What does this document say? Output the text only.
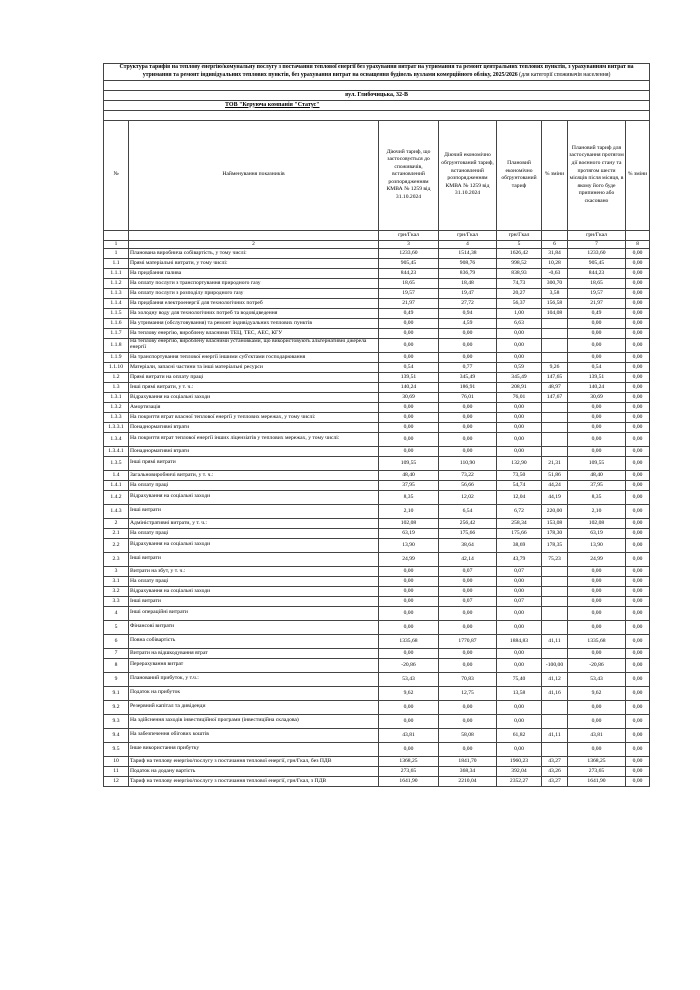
Структура тарифів на теплову енергію/комунальну послугу з постачання теплової енергії без урахування витрат на утримання та ремонт центральних теплових пунктів, з урахуванням витрат на утримання та ремонт індивідуальних теплових пунктів, без урахування витрат на оснащення будівель вузлами комерційного обліку, 2025/2026 (для категорії споживачів населення)							

вул. Глибочицька, 32-В							
ТОВ "Керуюча компанія "Статус"							

№	Найменування показників	Діючий тариф, що застосовується до споживачів, встановлений розпорядженням КМВА № 1259 від 31.10.2024	Діючий економічно обґрунтований тариф, встановлений розпорядженням КМВА № 1259 від 31.10.2024	Плановий економічно обґрунтований тариф	% зміни	Плановий тариф для застосування протягом дії воєнного стану та протягом шести місяців після місяця, в якому його буде припинено або скасовано	% зміни
		грн/Гкал	грн/Гкал	грн/Гкал		грн/Гкал	
1	2	3	4	5	6	7	8
1	Планована виробнича собівартість, у тому числі:	1233,60	1514,38	1626,42	31,84	1233,60	0,00
1.1	Прямі матеріальні витрати, у тому числі:	905,45	908,76	998,52	10,28	905,45	0,00
1.1.1	На придбання палива	844,23	836,79	838,93	-0,63	844,23	0,00
1.1.2	На оплату послуги з транспортування природного газу	18,65	18,48	74,73	300,70	18,65	0,00
1.1.3	На оплату послуги з розподілу природного газу	19,57	19,47	20,27	3,58	19,57	0,00
1.1.4	На придбання електроенергії для технологічних потреб	21,97	27,72	56,37	156,58	21,97	0,00
1.1.5	На холодну воду для технологічних потреб та водовідведення	0,49	0,94	1,00	104,08	0,49	0,00
1.1.6	На утримання (обслуговування) та ремонт індивідуальних теплових пунктів	0,00	4,59	6,63		0,00	0,00
1.1.7	На теплову енергію, вироблену власними ТЕЦ, ТЕС, АЕС, КГУ	0,00	0,00	0,00		0,00	0,00
1.1.8	На теплову енергію, вироблену власними установками, що використовують альтернативні джерела енергії	0,00	0,00	0,00		0,00	0,00
1.1.9	На транспортування теплової енергії іншими суб'єктами господарювання	0,00	0,00	0,00		0,00	0,00
1.1.10	Матеріали, запасні частини та інші матеріальні ресурси	0,54	0,77	0,59	9,26	0,54	0,00
1.2	Прямі витрати на оплату праці	139,51	345,49	345,49	147,65	139,51	0,00
1.3	Інші прямі витрати, у т. ч.:	140,24	186,91	208,91	48,97	140,24	0,00
1.3.1	Відрахування на соціальні заходи	30,69	76,01	76,01	147,67	30,69	0,00
1.3.2	Амортизація	0,00	0,00	0,00		0,00	0,00
1.3.3	На покриття втрат власної теплової енергії у теплових мережах, у тому числі:	0,00	0,00	0,00		0,00	0,00
1.3.3.1	Понаднормативні втрати	0,00	0,00	0,00		0,00	0,00
1.3.4	На покриття втрат теплової енергії інших ліцензіатів у теплових мережах, у тому числі:	0,00	0,00	0,00		0,00	0,00
1.3.4.1	Понаднормативні втрати	0,00	0,00	0,00		0,00	0,00
1.3.5	Інші прямі витрати	109,55	110,90	132,90	21,31	109,55	0,00
1.4	Загальновиробничі витрати, у т. ч.:	48,40	73,22	73,50	51,86	48,40	0,00
1.4.1	На оплату праці	37,95	56,66	54,74	44,24	37,95	0,00
1.4.2	Відрахування на соціальні заходи	8,35	12,02	12,04	44,19	8,35	0,00
1.4.3	Інші витрати	2,10	6,54	6,72	220,00	2,10	0,00
2	Адміністративні витрати, у т. ч.:	102,08	256,42	258,34	153,08	102,08	0,00
2.1	На оплату праці	63,19	175,66	175,66	178,30	63,19	0,00
2.2	Відрахування на соціальні заходи	13,90	38,64	38,69	178,35	13,90	0,00
2.3	Інші витрати	24,99	42,14	43,79	75,23	24,99	0,00
3	Витрати на збут, у т. ч.:	0,00	0,07	0,07		0,00	0,00
3.1	На оплату праці	0,00	0,00	0,00		0,00	0,00
3.2	Відрахування на соціальні заходи	0,00	0,00	0,00		0,00	0,00
3.3	Інші витрати	0,00	0,07	0,07		0,00	0,00
4	Інші операційні витрати	0,00	0,00	0,00		0,00	0,00
5	Фінансові витрати	0,00	0,00	0,00		0,00	0,00
6	Повна собівартість	1335,68	1770,87	1884,83	41,11	1335,68	0,00
7	Витрати на відшкодування втрат	0,00	0,00	0,00		0,00	0,00
8	Перерахування витрат	-20,86	0,00	0,00	-100,00	-20,86	0,00
9	Планований прибуток, у т.ч.:	53,43	70,83	75,40	41,12	53,43	0,00
9.1	Податок на прибуток	9,62	12,75	13,58	41,16	9,62	0,00
9.2	Резервний капітал та дивіденди	0,00	0,00	0,00		0,00	0,00
9.3	На здійснення заходів інвестиційної програми (інвестиційна складова)	0,00	0,00	0,00		0,00	0,00
9.4	На забезпечення обігових коштів	43,81	58,08	61,82	41,11	43,81	0,00
9.5	Інше використання прибутку	0,00	0,00	0,00		0,00	0,00
10	Тариф на теплову енергію/послугу з постачання теплової енергії, грн/Гкал, без ПДВ	1368,25	1841,70	1960,23	43,27	1368,25	0,00
11	Податок на додану вартість	273,65	368,34	392,04	43,26	273,65	0,00
12	Тариф на теплову енергію/послугу з постачання теплової енергії, грн/Гкал, з ПДВ	1641,90	2210,04	2352,27	43,27	1641,90	0,00
